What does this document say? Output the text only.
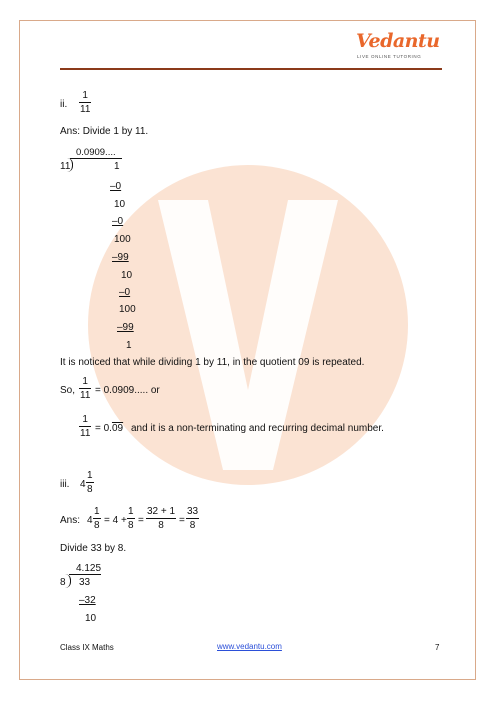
Vedantu
LIVE ONLINE TUTORING
ii.
1
11
Ans: Divide 1 by 11.
0.0909....
11	1
–0
10
–0
100
–99
10
–0
100
–99
1
It is noticed that while dividing 1 by 11, in the quotient 09 is repeated.
So,
1
11 = 0.0909..... or
1
11 = 0.09 and it is a non-terminating and recurring decimal number.
iii. 4
1
8
Ans: 4
1
8 = 4 +
1
8 =
32 + 1
8	=
33
8
Divide 33 by 8.
4.125
8 33
–32
10
Class IX Maths	www.vedantu.com	7
